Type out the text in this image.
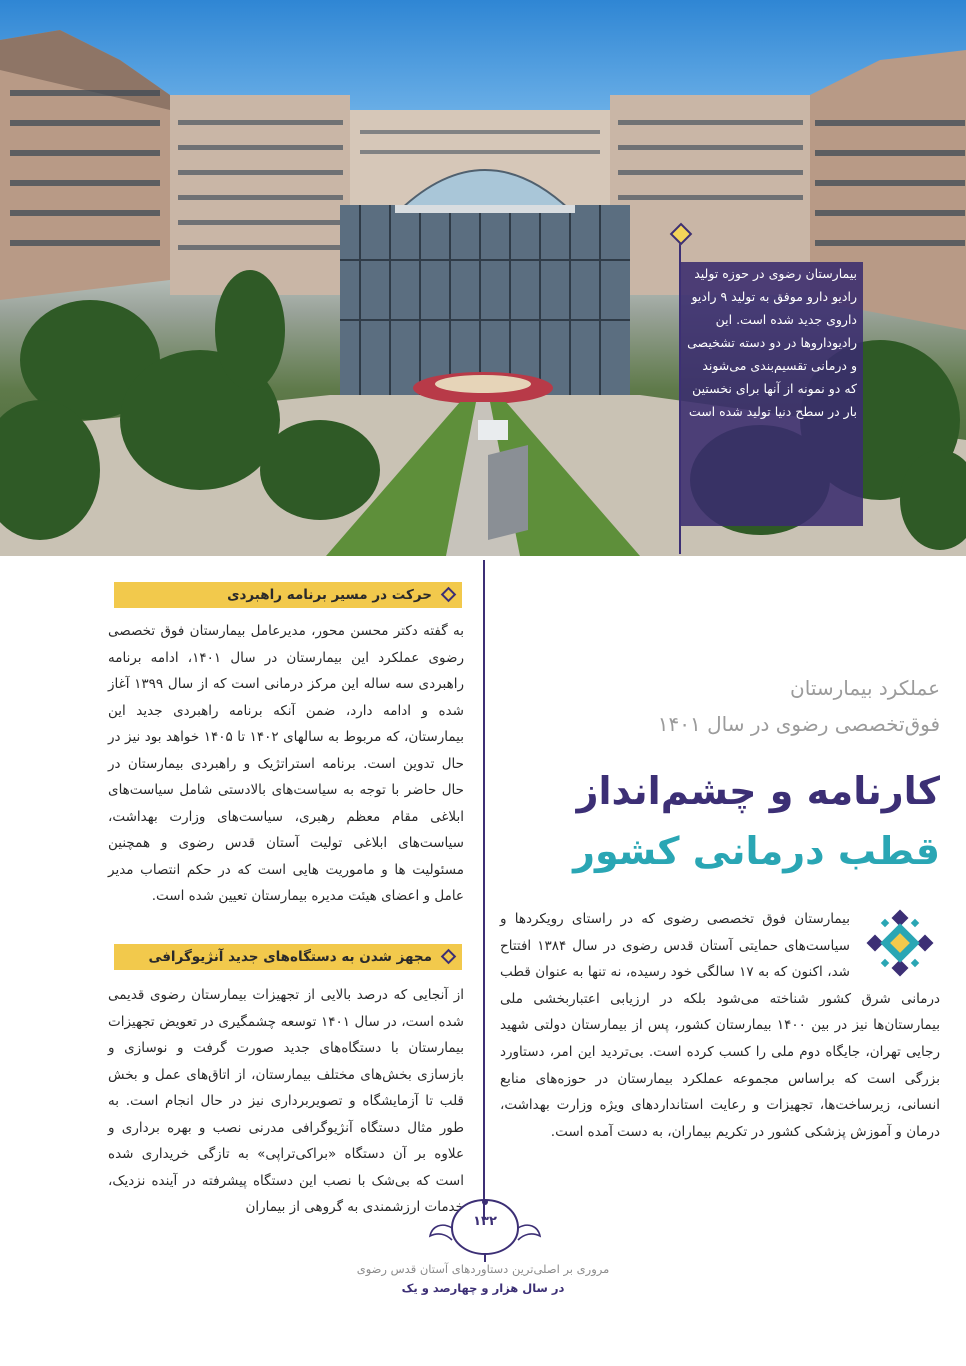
بیمارستان رضوی در حوزه تولید رادیو دارو موفق به تولید ۹ رادیو داروی جدید شده است. این رادیوداروها در دو دسته تشخیصی و درمانی تقسیم‌بندی می‌شوند که دو نمونه از آنها برای نخستین بار در سطح دنیا تولید شده است
عملکرد بیمارستان
فوق‌تخصصی رضوی در سال ۱۴۰۱
کارنامه و چشم‌انداز
قطب درمانی کشور

بیمارستان فوق تخصصی رضوی که در راستای رویکردها و سیاست‌های حمایتی آستان قدس رضوی در سال ۱۳۸۴ افتتاح شد، اکنون که به ۱۷ سالگی خود رسیده، نه تنها به عنوان قطب درمانی شرق کشور شناخته می‌شود بلکه در ارزیابی اعتباربخشی ملی بیمارستان‌ها نیز در بین ۱۴۰۰ بیمارستان کشور، پس از بیمارستان دولتی شهید رجایی تهران، جایگاه دوم ملی را کسب کرده است. بی‌تردید این امر، دستاورد بزرگی است که براساس مجموعه عملکرد بیمارستان در حوزه‌های منابع انسانی، زیرساخت‌ها، تجهیزات و رعایت استانداردهای ویژه وزارت بهداشت، درمان و آموزش پزشکی کشور در تکریم بیماران، به دست آمده است.

حرکت در مسیر برنامه راهبردی

به گفته دکتر محسن محور، مدیرعامل بیمارستان فوق تخصصی رضوی عملکرد این بیمارستان در سال ۱۴۰۱، ادامه برنامه راهبردی سه ساله این مرکز درمانی است که از سال ۱۳۹۹ آغاز شده و ادامه دارد، ضمن آنکه برنامه راهبردی جدید این بیمارستان، که مربوط به سالهای ۱۴۰۲ تا ۱۴۰۵ خواهد بود نیز در حال تدوین است. برنامه استراتژیک و راهبردی بیمارستان در حال حاضر با توجه به سیاست‌های بالادستی شامل سیاست‌های ابلاغی مقام معظم رهبری، سیاست‌های وزارت بهداشت، سیاست‌های ابلاغی تولیت آستان قدس رضوی و همچنین مسئولیت ها و ماموریت هایی است که در حکم انتصاب مدیر عامل و اعضای هیئت مدیره بیمارستان تعیین شده است.

مجهز شدن به دستگاه‌های جدید آنژیوگرافی

از آنجایی که درصد بالایی از تجهیزات بیمارستان رضوی قدیمی شده است، در سال ۱۴۰۱ توسعه چشمگیری در تعویض تجهیزات بیمارستان با دستگاه‌های جدید صورت گرفت و نوسازی و بازسازی بخش‌های مختلف بیمارستان، از اتاق‌های عمل و بخش قلب تا آزمایشگاه و تصویربرداری نیز در حال انجام است. به طور مثال دستگاه آنژیوگرافی مدرنی نصب و بهره برداری و علاوه بر آن دستگاه «براکی‌تراپی» به تازگی خریداری شده است که بی‌شک با نصب این دستگاه پیشرفته در آینده نزدیک، خدمات ارزشمندی به گروهی از بیماران

۱۳۲
مروری بر اصلی‌ترین دستاوردهای آستان قدس رضوی
در سال هزار و چهارصد و یک
